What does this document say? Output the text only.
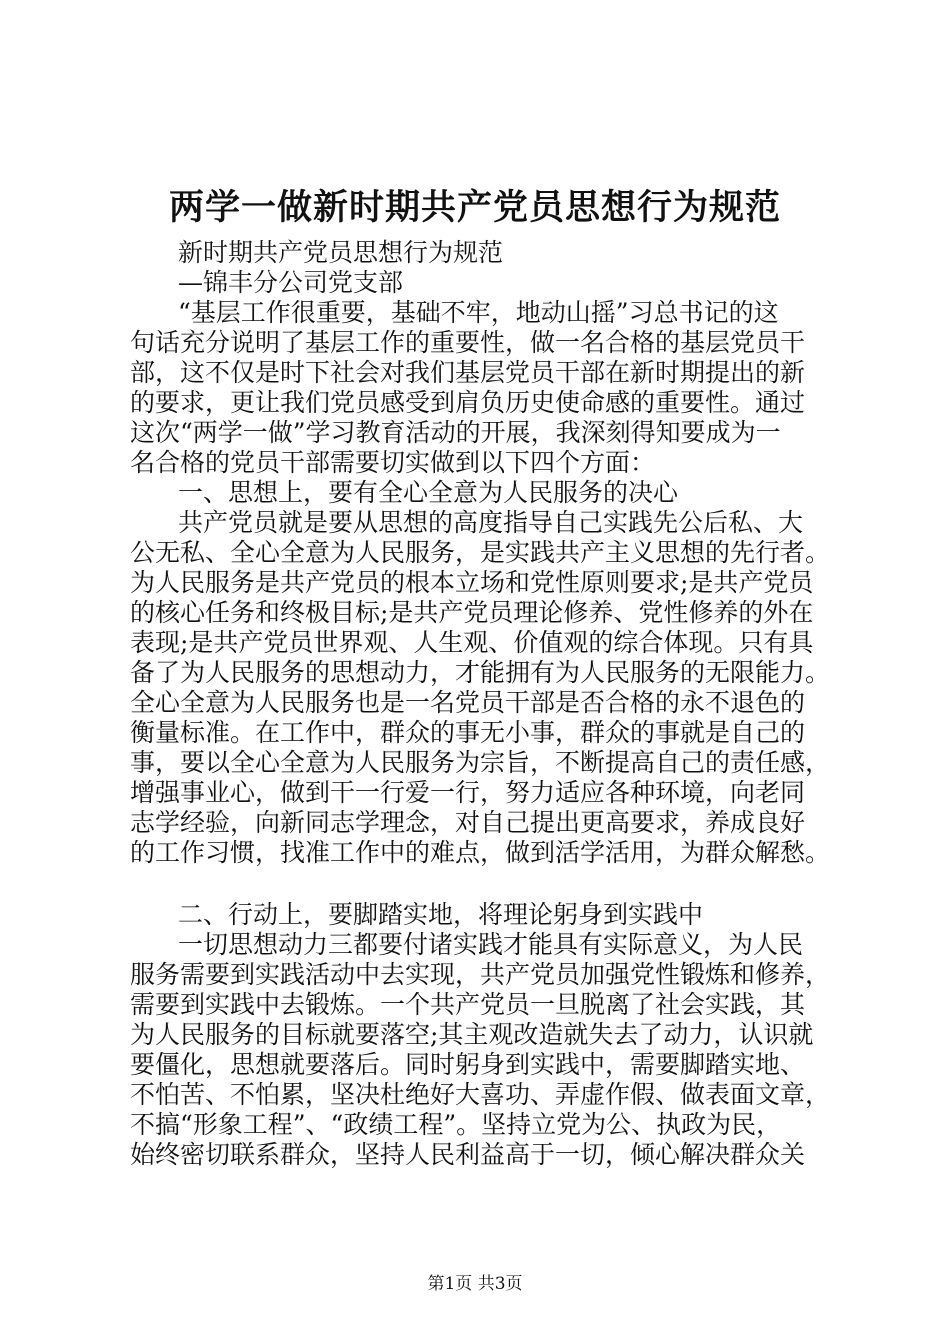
两学一做新时期共产党员思想行为规范
新时期共产党员思想行为规范
—锦丰分公司党支部
“基层工作很重要，基础不牢，地动山摇”习总书记的这
句话充分说明了基层工作的重要性，做一名合格的基层党员干
部，这不仅是时下社会对我们基层党员干部在新时期提出的新
的要求，更让我们党员感受到肩负历史使命感的重要性。通过
这次“两学一做”学习教育活动的开展，我深刻得知要成为一
名合格的党员干部需要切实做到以下四个方面：
一、思想上，要有全心全意为人民服务的决心
共产党员就是要从思想的高度指导自己实践先公后私、大
公无私、全心全意为人民服务，是实践共产主义思想的先行者。
为人民服务是共产党员的根本立场和党性原则要求;是共产党员
的核心任务和终极目标;是共产党员理论修养、党性修养的外在
表现;是共产党员世界观、人生观、价值观的综合体现。只有具
备了为人民服务的思想动力，才能拥有为人民服务的无限能力。
全心全意为人民服务也是一名党员干部是否合格的永不退色的
衡量标准。在工作中，群众的事无小事，群众的事就是自己的
事，要以全心全意为人民服务为宗旨，不断提高自己的责任感，
增强事业心，做到干一行爱一行，努力适应各种环境，向老同
志学经验，向新同志学理念，对自己提出更高要求，养成良好
的工作习惯，找准工作中的难点，做到活学活用，为群众解愁。
二、行动上，要脚踏实地，将理论躬身到实践中
一切思想动力三都要付诸实践才能具有实际意义，为人民
服务需要到实践活动中去实现，共产党员加强党性锻炼和修养，
需要到实践中去锻炼。一个共产党员一旦脱离了社会实践，其
为人民服务的目标就要落空;其主观改造就失去了动力，认识就
要僵化，思想就要落后。同时躬身到实践中，需要脚踏实地、
不怕苦、不怕累，坚决杜绝好大喜功、弄虚作假、做表面文章，
不搞“形象工程”、“政绩工程”。坚持立党为公、执政为民，
始终密切联系群众，坚持人民利益高于一切，倾心解决群众关
第1页 共3页
